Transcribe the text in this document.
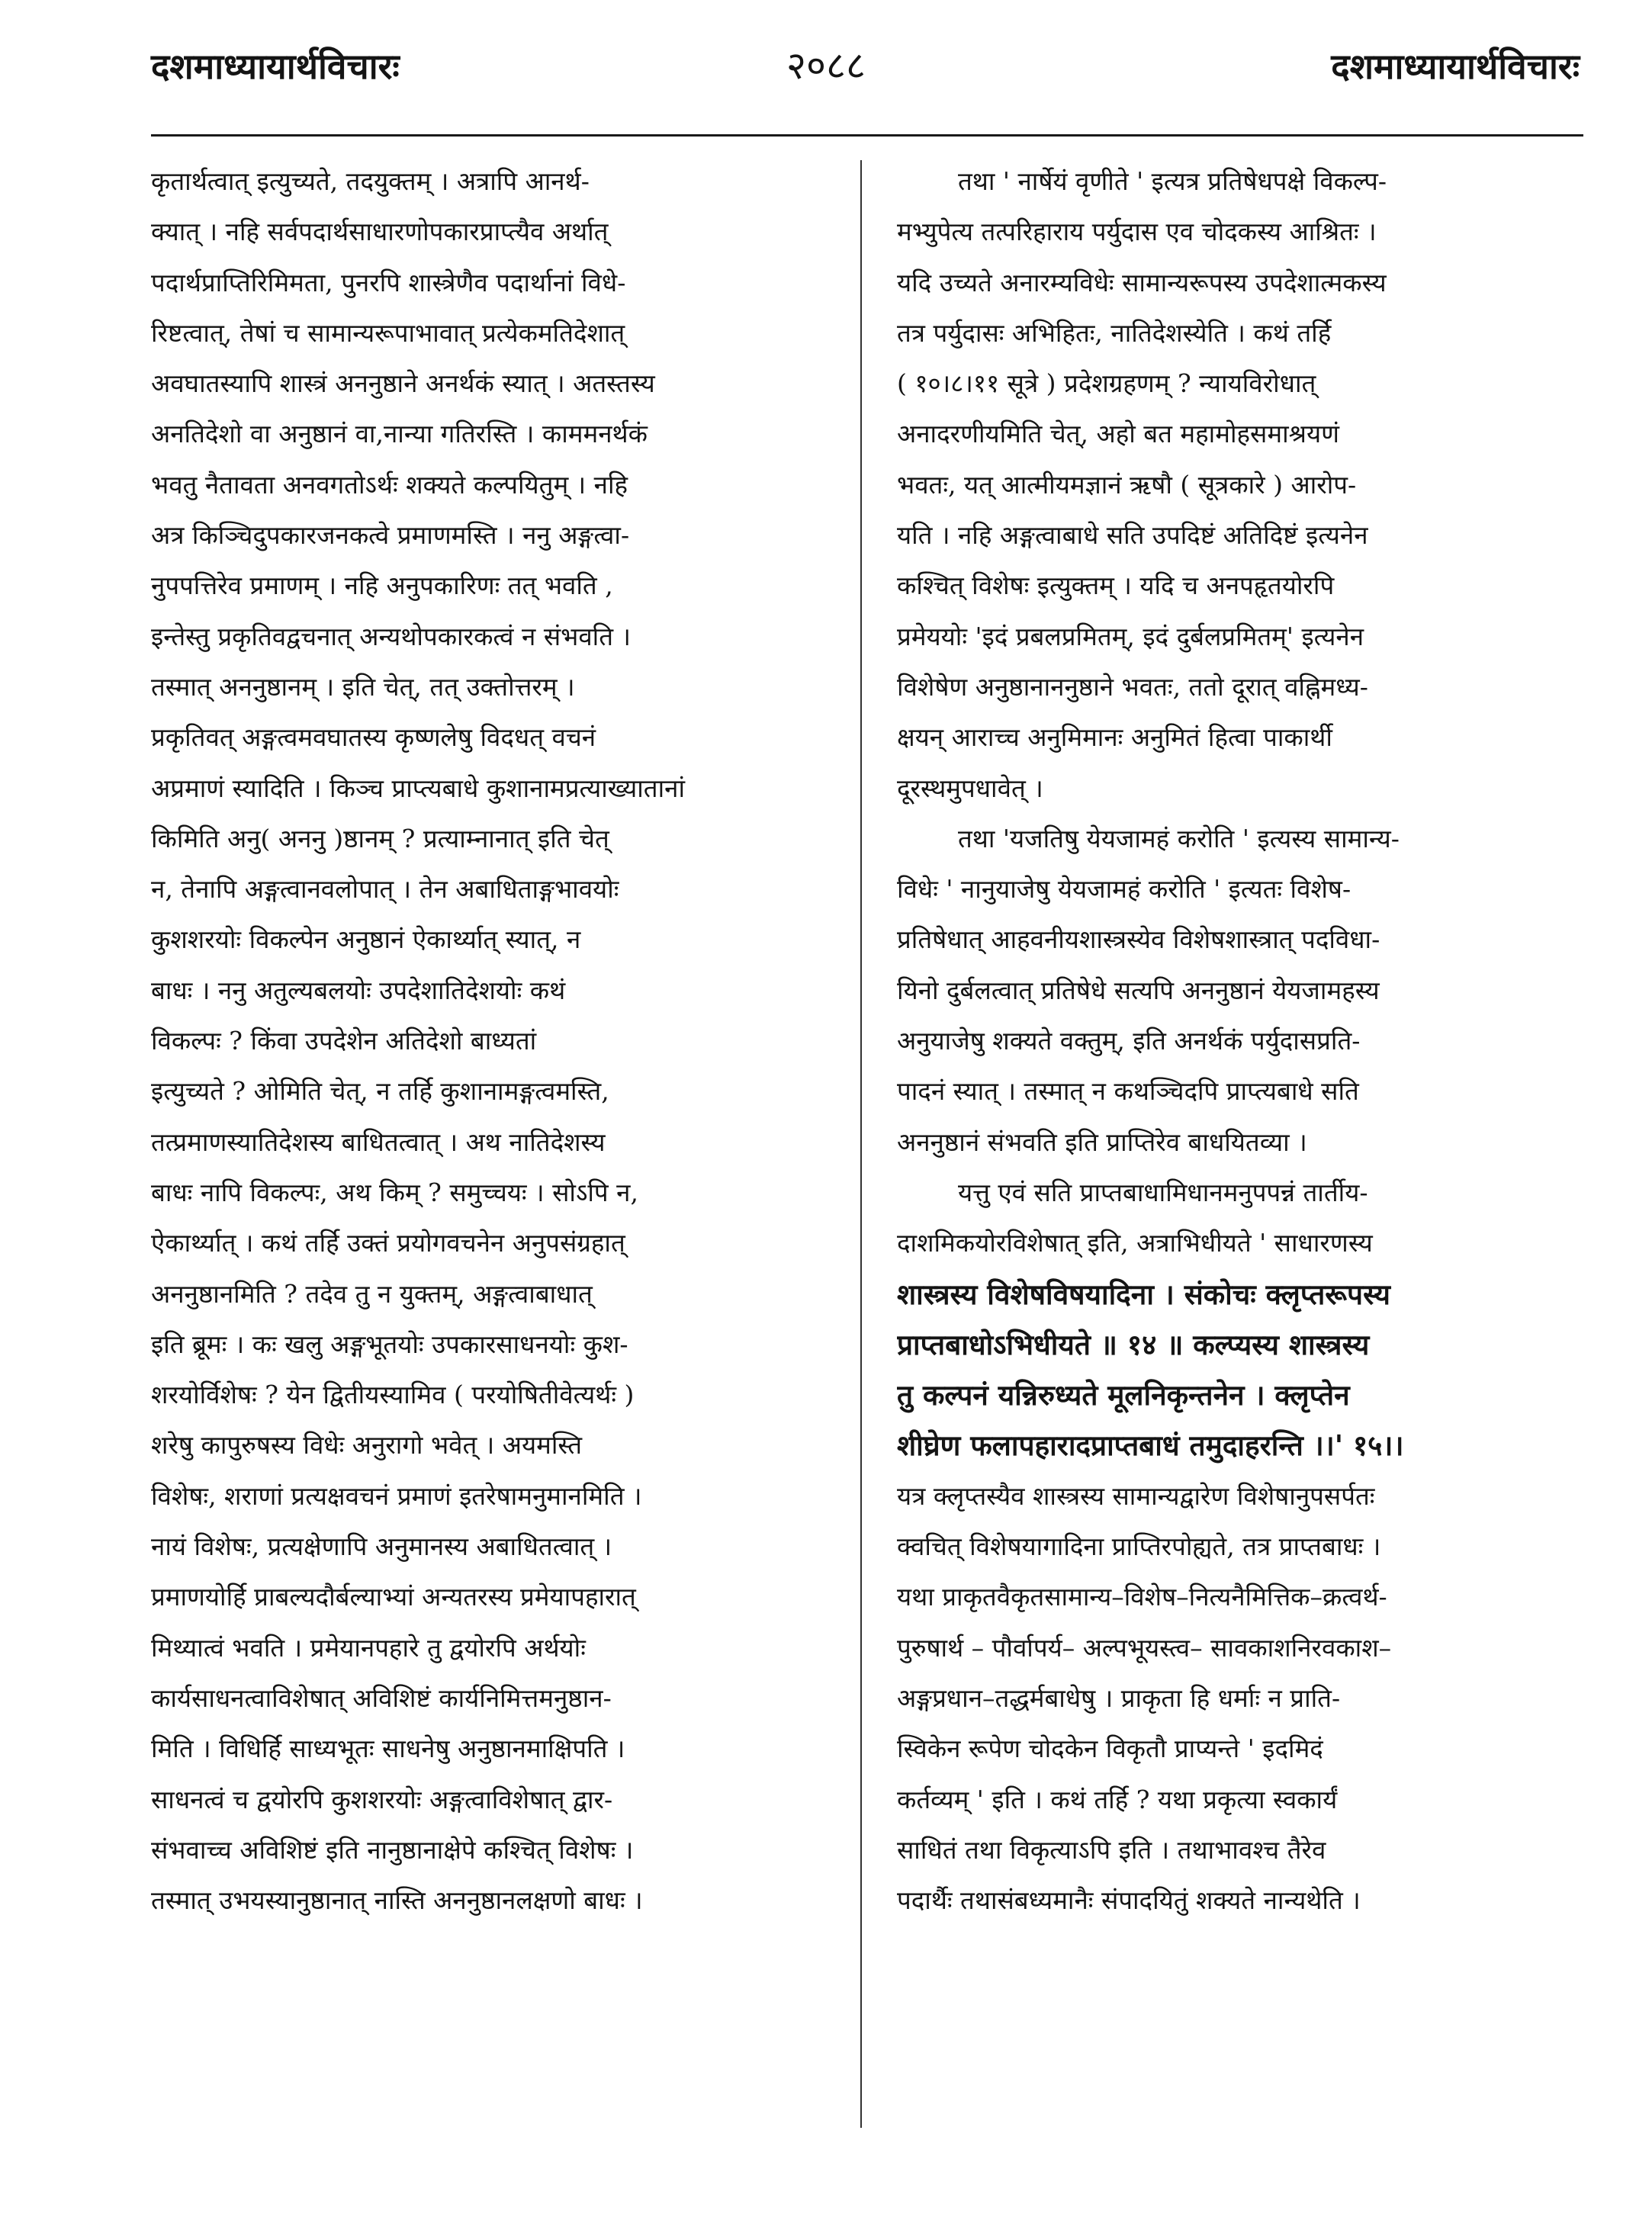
२०८८
दशमाध्यायार्थविचारः	दशमाध्यायार्थविचारः
कृतार्थत्वात् इत्युच्यते, तदयुक्तम् । अत्रापि आनर्थ-
क्यात् । नहि सर्वपदार्थसाधारणोपकारप्राप्त्यैव अर्थात्
पदार्थप्राप्तिरिमिमता, पुनरपि शास्त्रेणैव पदार्थानां विधे-
रिष्टत्वात्, तेषां च सामान्यरूपाभावात् प्रत्येकमतिदेशात्
अवघातस्यापि शास्त्रं अननुष्ठाने अनर्थकं स्यात् । अतस्तस्य
अनतिदेशो वा अनुष्ठानं वा,नान्या गतिरस्ति । काममनर्थकं
भवतु नैतावता अनवगतोऽर्थः शक्यते कल्पयितुम् । नहि
अत्र किञ्चिदुपकारजनकत्वे प्रमाणमस्ति । ननु अङ्गत्वा-
नुपपत्तिरेव प्रमाणम् । नहि अनुपकारिणः तत् भवति ,
इन्तेस्तु प्रकृतिवद्वचनात् अन्यथोपकारकत्वं न संभवति ।
तस्मात् अननुष्ठानम् । इति चेत्, तत् उक्तोत्तरम् ।
प्रकृतिवत् अङ्गत्वमवघातस्य कृष्णलेषु विदधत् वचनं
अप्रमाणं स्यादिति । किञ्च प्राप्त्यबाधे कुशानामप्रत्याख्यातानां
किमिति अनु( अननु )ष्ठानम् ? प्रत्याम्नानात् इति चेत्
न, तेनापि अङ्गत्वानवलोपात् । तेन अबाधिताङ्गभावयोः
कुशशरयोः विकल्पेन अनुष्ठानं ऐकार्थ्यात् स्यात्, न
बाधः । ननु अतुल्यबलयोः उपदेशातिदेशयोः कथं
विकल्पः ? किंवा उपदेशेन अतिदेशो बाध्यतां
इत्युच्यते ? ओमिति चेत्, न तर्हि कुशानामङ्गत्वमस्ति,
तत्प्रमाणस्यातिदेशस्य बाधितत्वात् । अथ नातिदेशस्य
बाधः नापि विकल्पः, अथ किम् ? समुच्चयः । सोऽपि न,
ऐकार्थ्यात् । कथं तर्हि उक्तं प्रयोगवचनेन अनुपसंग्रहात्
अननुष्ठानमिति ? तदेव तु न युक्तम्, अङ्गत्वाबाधात्
इति ब्रूमः । कः खलु अङ्गभूतयोः उपकारसाधनयोः कुश-
शरयोर्विशेषः ? येन द्वितीयस्यामिव ( परयोषितीवेत्यर्थः )
शरेषु कापुरुषस्य विधेः अनुरागो भवेत् । अयमस्ति
विशेषः, शराणां प्रत्यक्षवचनं प्रमाणं इतरेषामनुमानमिति ।
नायं विशेषः, प्रत्यक्षेणापि अनुमानस्य अबाधितत्वात् ।
प्रमाणयोर्हि प्राबल्यदौर्बल्याभ्यां अन्यतरस्य प्रमेयापहारात्
मिथ्यात्वं भवति । प्रमेयानपहारे तु द्वयोरपि अर्थयोः
कार्यसाधनत्वाविशेषात् अविशिष्टं कार्यनिमित्तमनुष्ठान-
मिति । विधिर्हि साध्यभूतः साधनेषु अनुष्ठानमाक्षिपति ।
साधनत्वं च द्वयोरपि कुशशरयोः अङ्गत्वाविशेषात् द्वार-
संभवाच्च अविशिष्टं इति नानुष्ठानाक्षेपे कश्चित् विशेषः ।
तस्मात् उभयस्यानुष्ठानात् नास्ति अननुष्ठानलक्षणो बाधः ।
तथा ' नार्षेयं वृणीते ' इत्यत्र प्रतिषेधपक्षे विकल्प-
मभ्युपेत्य तत्परिहाराय पर्युदास एव चोदकस्य आश्रितः ।
यदि उच्यते अनारम्यविधेः सामान्यरूपस्य उपदेशात्मकस्य
तत्र पर्युदासः अभिहितः, नातिदेशस्येति । कथं तर्हि
( १०।८।११ सूत्रे ) प्रदेशग्रहणम् ? न्यायविरोधात्
अनादरणीयमिति चेत्, अहो बत महामोहसमाश्रयणं
भवतः, यत् आत्मीयमज्ञानं ऋषौ ( सूत्रकारे ) आरोप-
यति । नहि अङ्गत्वाबाधे सति उपदिष्टं अतिदिष्टं इत्यनेन
कश्चित् विशेषः इत्युक्तम् । यदि च अनपहृतयोरपि
प्रमेययोः 'इदं प्रबलप्रमितम्, इदं दुर्बलप्रमितम्' इत्यनेन
विशेषेण अनुष्ठानाननुष्ठाने भवतः, ततो दूरात् वह्निमध्य-
क्षयन् आराच्च अनुमिमानः अनुमितं हित्वा पाकार्थी
दूरस्थमुपधावेत् ।
तथा 'यजतिषु येयजामहं करोति ' इत्यस्य सामान्य-
विधेः ' नानुयाजेषु येयजामहं करोति ' इत्यतः विशेष-
प्रतिषेधात् आहवनीयशास्त्रस्येव विशेषशास्त्रात् पदविधा-
यिनो दुर्बलत्वात् प्रतिषेधे सत्यपि अननुष्ठानं येयजामहस्य
अनुयाजेषु शक्यते वक्तुम्, इति अनर्थकं पर्युदासप्रति-
पादनं स्यात् । तस्मात् न कथञ्चिदपि प्राप्त्यबाधे सति
अननुष्ठानं संभवति इति प्राप्तिरेव बाधयितव्या ।
यत्तु एवं सति प्राप्तबाधामिधानमनुपपन्नं तार्तीय-
दाशमिकयोरविशेषात् इति, अत्राभिधीयते ' साधारणस्य
शास्त्रस्य विशेषविषयादिना । संकोचः क्लृप्तरूपस्य
प्राप्तबाधोऽभिधीयते ॥ १४ ॥ कल्प्यस्य शास्त्रस्य
तु कल्पनं यन्निरुध्यते मूलनिकृन्तनेन । क्लृप्तेन
शीघ्रेण फलापहारादप्राप्तबाधं तमुदाहरन्ति ।।' १५।।
यत्र क्लृप्तस्यैव शास्त्रस्य सामान्यद्वारेण विशेषानुपसर्पतः
क्वचित् विशेषयागादिना प्राप्तिरपोह्यते, तत्र प्राप्तबाधः ।
यथा प्राकृतवैकृतसामान्य–विशेष–नित्यनैमित्तिक–क्रत्वर्थ-
पुरुषार्थ – पौर्वापर्य– अल्पभूयस्त्व– सावकाशनिरवकाश–
अङ्गप्रधान–तद्धर्मबाधेषु । प्राकृता हि धर्माः न प्राति-
स्विकेन रूपेण चोदकेन विकृतौ प्राप्यन्ते ' इदमिदं
कर्तव्यम् ' इति । कथं तर्हि ? यथा प्रकृत्या स्वकार्यं
साधितं तथा विकृत्याऽपि इति । तथाभावश्च तैरेव
पदार्थैः तथासंबध्यमानैः संपादयितुं शक्यते नान्यथेति ।
